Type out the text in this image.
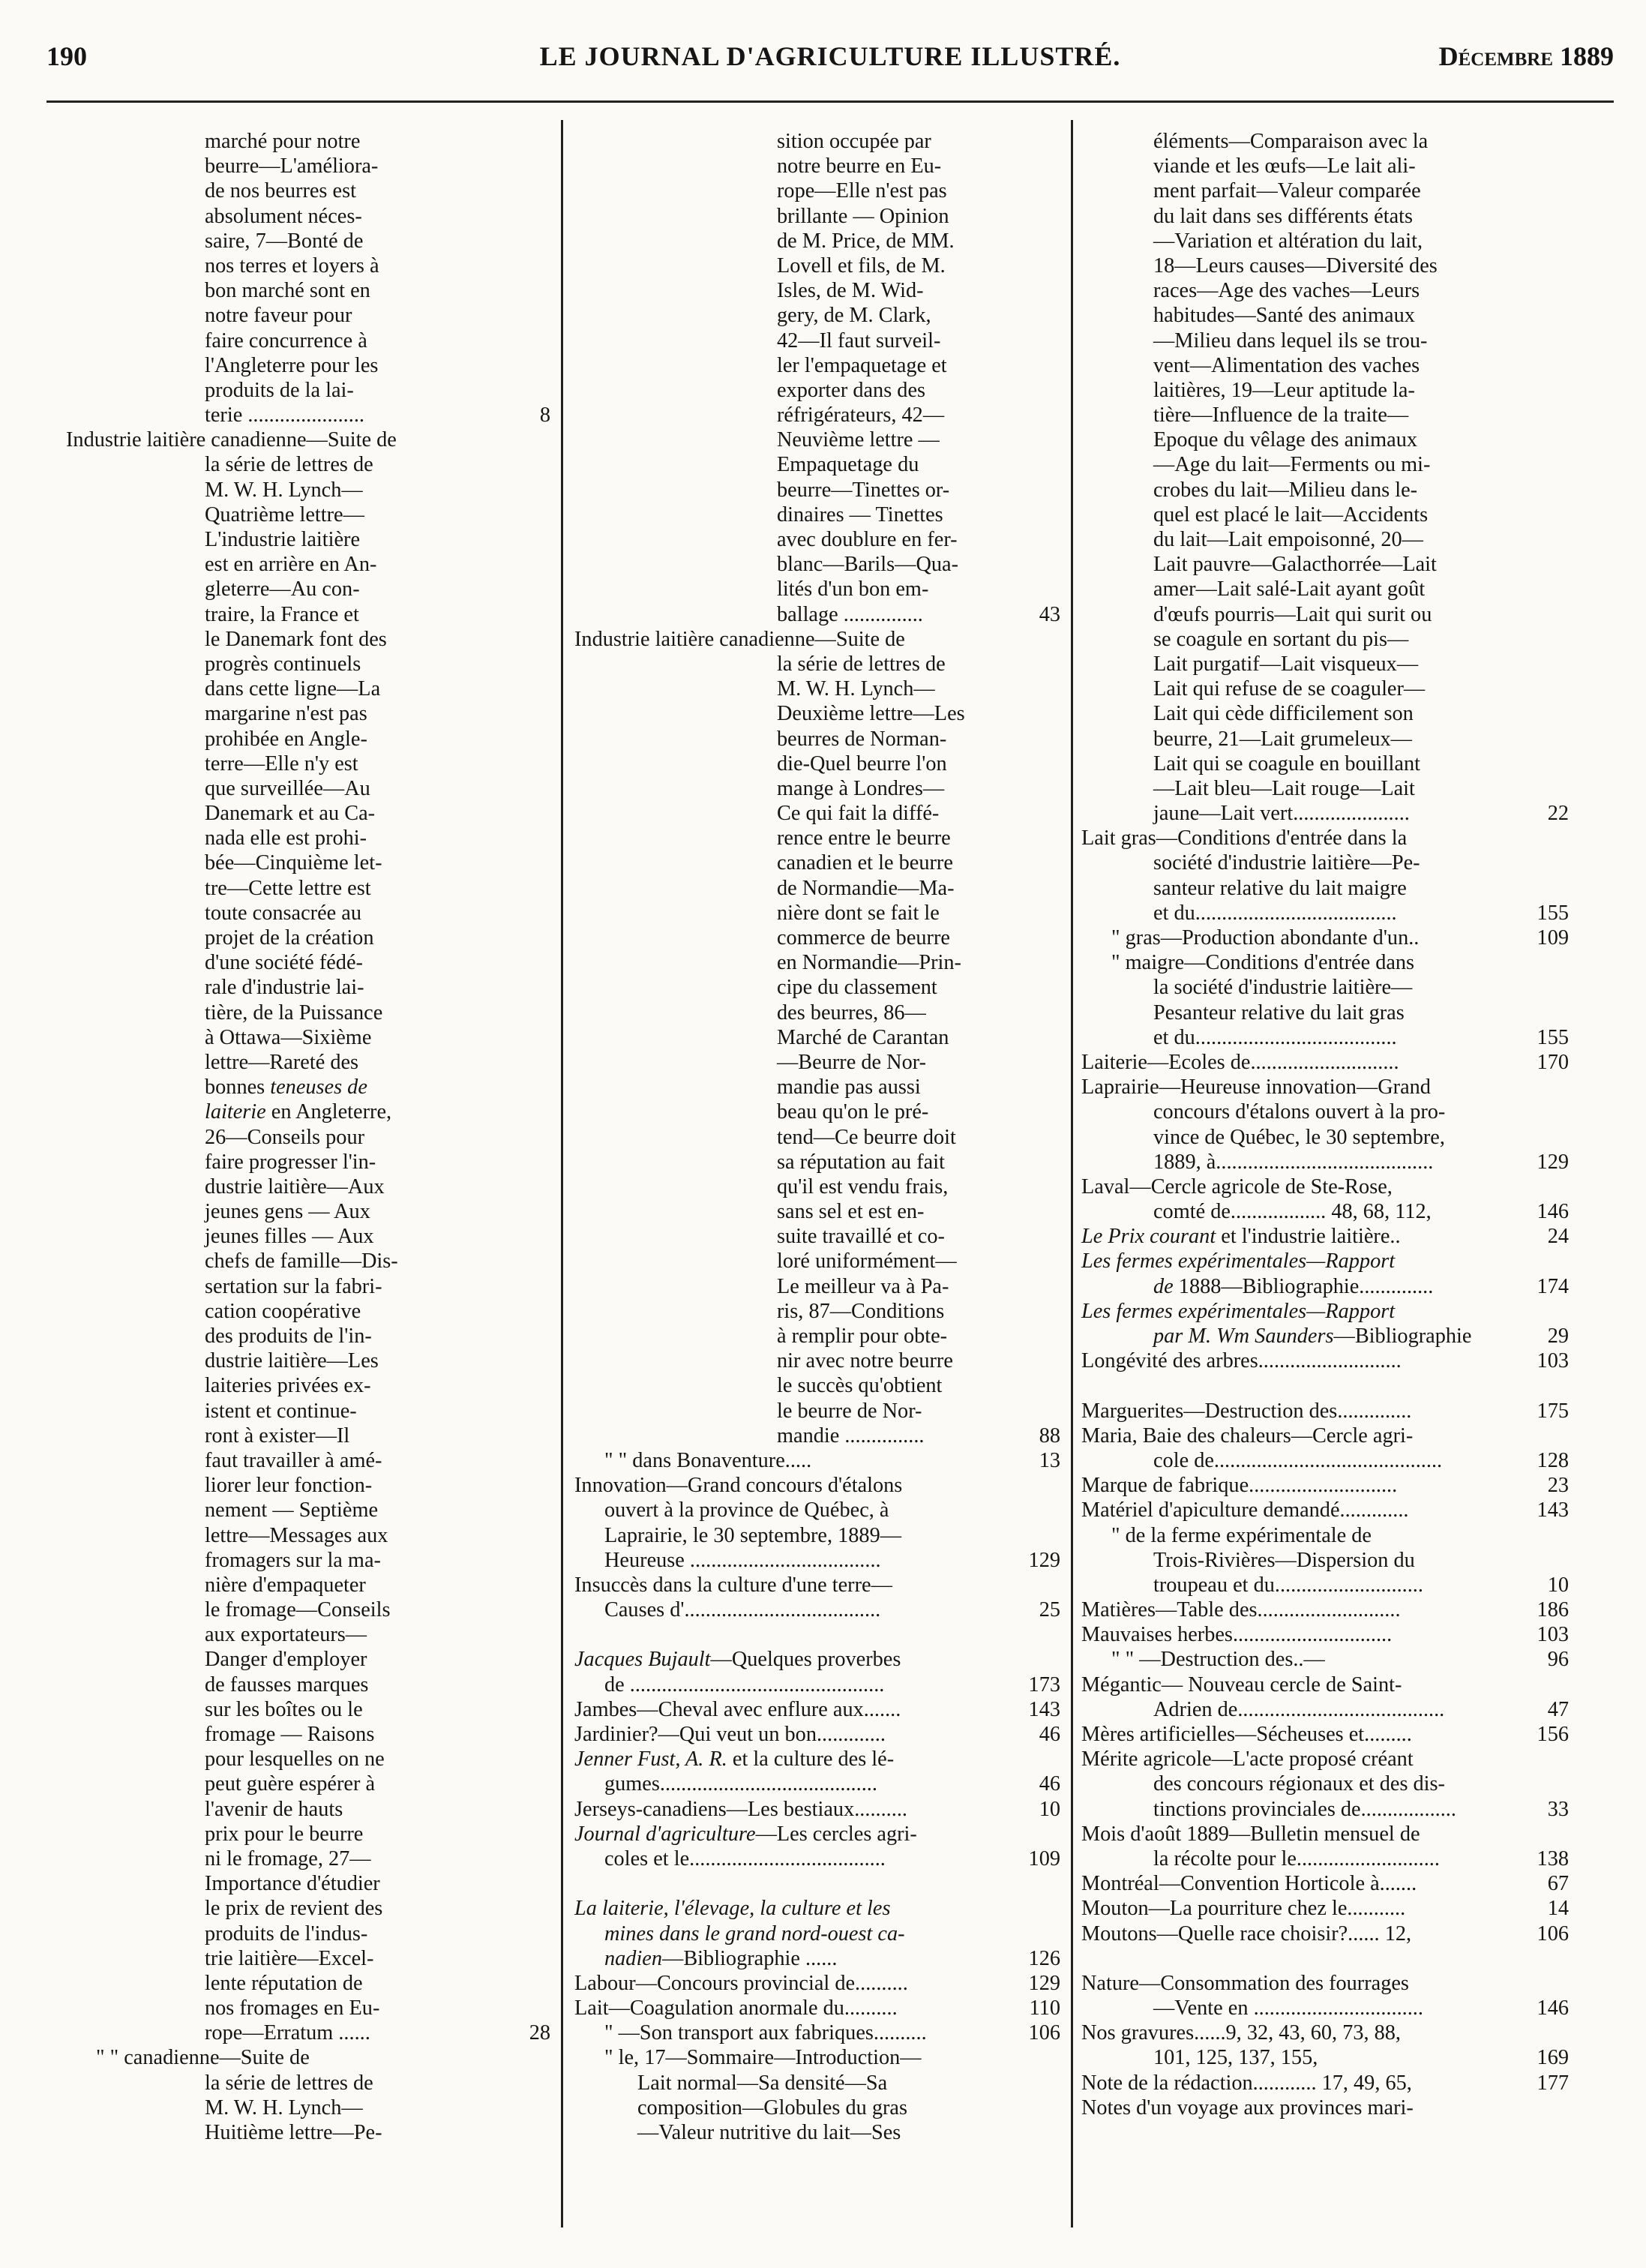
190	LE JOURNAL D'AGRICULTURE ILLUSTRÉ.	Décembre 1889
marché pour notre
beurre—L'améliora-
de nos beurres est
absolument néces-
saire, 7—Bonté de
nos terres et loyers à
bon marché sont en
notre faveur pour
faire concurrence à
l'Angleterre pour les
produits de la lai-
terie ......................	8
Industrie laitière canadienne—Suite de
la série de lettres de
M. W. H. Lynch—
Quatrième lettre—
L'industrie laitière
est en arrière en An-
gleterre—Au con-
traire, la France et
le Danemark font des
progrès continuels
dans cette ligne—La
margarine n'est pas
prohibée en Angle-
terre—Elle n'y est
que surveillée—Au
Danemark et au Ca-
nada elle est prohi-
bée—Cinquième let-
tre—Cette lettre est
toute consacrée au
projet de la création
d'une société fédé-
rale d'industrie lai-
tière, de la Puissance
à Ottawa—Sixième
lettre—Rareté des
bonnes teneuses de
laiterie en Angleterre,
26—Conseils pour
faire progresser l'in-
dustrie laitière—Aux
jeunes gens — Aux
jeunes filles — Aux
chefs de famille—Dis-
sertation sur la fabri-
cation coopérative
des produits de l'in-
dustrie laitière—Les
laiteries privées ex-
istent et continue-
ront à exister—Il
faut travailler à amé-
liorer leur fonction-
nement — Septième
lettre—Messages aux
fromagers sur la ma-
nière d'empaqueter
le fromage—Conseils
aux exportateurs—
Danger d'employer
de fausses marques
sur les boîtes ou le
fromage — Raisons
pour lesquelles on ne
peut guère espérer à
l'avenir de hauts
prix pour le beurre
ni le fromage, 27—
Importance d'étudier
le prix de revient des
produits de l'indus-
trie laitière—Excel-
lente réputation de
nos fromages en Eu-
rope—Erratum ......	28
" " canadienne—Suite de
la série de lettres de
M. W. H. Lynch—
Huitième lettre—Pe-
sition occupée par
notre beurre en Eu-
rope—Elle n'est pas
brillante — Opinion
de M. Price, de MM.
Lovell et fils, de M.
Isles, de M. Wid-
gery, de M. Clark,
42—Il faut surveil-
ler l'empaquetage et
exporter dans des
réfrigérateurs, 42—
Neuvième lettre —
Empaquetage du
beurre—Tinettes or-
dinaires — Tinettes
avec doublure en fer-
blanc—Barils—Qua-
lités d'un bon em-
ballage ...............	43
Industrie laitière canadienne—Suite de
la série de lettres de
M. W. H. Lynch—
Deuxième lettre—Les
beurres de Norman-
die-Quel beurre l'on
mange à Londres—
Ce qui fait la diffé-
rence entre le beurre
canadien et le beurre
de Normandie—Ma-
nière dont se fait le
commerce de beurre
en Normandie—Prin-
cipe du classement
des beurres, 86—
Marché de Carantan
—Beurre de Nor-
mandie pas aussi
beau qu'on le pré-
tend—Ce beurre doit
sa réputation au fait
qu'il est vendu frais,
sans sel et est en-
suite travaillé et co-
loré uniformément—
Le meilleur va à Pa-
ris, 87—Conditions
à remplir pour obte-
nir avec notre beurre
le succès qu'obtient
le beurre de Nor-
mandie ...............	88
" " dans Bonaventure.....	13
Innovation—Grand concours d'étalons
ouvert à la province de Québec, à
Laprairie, le 30 septembre, 1889—
Heureuse ....................................	129
Insuccès dans la culture d'une terre—
Causes d'.....................................	25
Jacques Bujault—Quelques proverbes
de ................................................	173
Jambes—Cheval avec enflure aux.......	143
Jardinier?—Qui veut un bon.............	46
Jenner Fust, A. R. et la culture des lé-
gumes.........................................	46
Jerseys-canadiens—Les bestiaux..........	10
Journal d'agriculture—Les cercles agri-
coles et le.....................................	109
La laiterie, l'élevage, la culture et les
mines dans le grand nord-ouest ca-
nadien—Bibliographie ......	126
Labour—Concours provincial de..........	129
Lait—Coagulation anormale du..........	110
" —Son transport aux fabriques..........	106
" le, 17—Sommaire—Introduction—
Lait normal—Sa densité—Sa
composition—Globules du gras
—Valeur nutritive du lait—Ses
éléments—Comparaison avec la
viande et les œufs—Le lait ali-
ment parfait—Valeur comparée
du lait dans ses différents états
—Variation et altération du lait,
18—Leurs causes—Diversité des
races—Age des vaches—Leurs
habitudes—Santé des animaux
—Milieu dans lequel ils se trou-
vent—Alimentation des vaches
laitières, 19—Leur aptitude la-
tière—Influence de la traite—
Epoque du vêlage des animaux
—Age du lait—Ferments ou mi-
crobes du lait—Milieu dans le-
quel est placé le lait—Accidents
du lait—Lait empoisonné, 20—
Lait pauvre—Galacthorrée—Lait
amer—Lait salé-Lait ayant goût
d'œufs pourris—Lait qui surit ou
se coagule en sortant du pis—
Lait purgatif—Lait visqueux—
Lait qui refuse de se coaguler—
Lait qui cède difficilement son
beurre, 21—Lait grumeleux—
Lait qui se coagule en bouillant
—Lait bleu—Lait rouge—Lait
jaune—Lait vert......................	22
Lait gras—Conditions d'entrée dans la
société d'industrie laitière—Pe-
santeur relative du lait maigre
et du......................................	155
" gras—Production abondante d'un..	109
" maigre—Conditions d'entrée dans
la société d'industrie laitière—
Pesanteur relative du lait gras
et du......................................	155
Laiterie—Ecoles de............................	170
Laprairie—Heureuse innovation—Grand
concours d'étalons ouvert à la pro-
vince de Québec, le 30 septembre,
1889, à.........................................	129
Laval—Cercle agricole de Ste-Rose,
comté de.................. 48, 68, 112,	146
Le Prix courant et l'industrie laitière..	24
Les fermes expérimentales—Rapport
de 1888—Bibliographie..............	174
Les fermes expérimentales—Rapport
par M. Wm Saunders—Bibliographie	29
Longévité des arbres...........................	103
Marguerites—Destruction des..............	175
Maria, Baie des chaleurs—Cercle agri-
cole de...........................................	128
Marque de fabrique............................	23
Matériel d'apiculture demandé.............	143
" de la ferme expérimentale de
Trois-Rivières—Dispersion du
troupeau et du............................	10
Matières—Table des...........................	186
Mauvaises herbes..............................	103
" " —Destruction des..—	96
Mégantic— Nouveau cercle de Saint-
Adrien de.......................................	47
Mères artificielles—Sécheuses et.........	156
Mérite agricole—L'acte proposé créant
des concours régionaux et des dis-
tinctions provinciales de..................	33
Mois d'août 1889—Bulletin mensuel de
la récolte pour le...........................	138
Montréal—Convention Horticole à.......	67
Mouton—La pourriture chez le...........	14
Moutons—Quelle race choisir?...... 12,	106
Nature—Consommation des fourrages
—Vente en ................................	146
Nos gravures......9, 32, 43, 60, 73, 88,
101, 125, 137, 155,	169
Note de la rédaction............ 17, 49, 65,	177
Notes d'un voyage aux provinces mari-
